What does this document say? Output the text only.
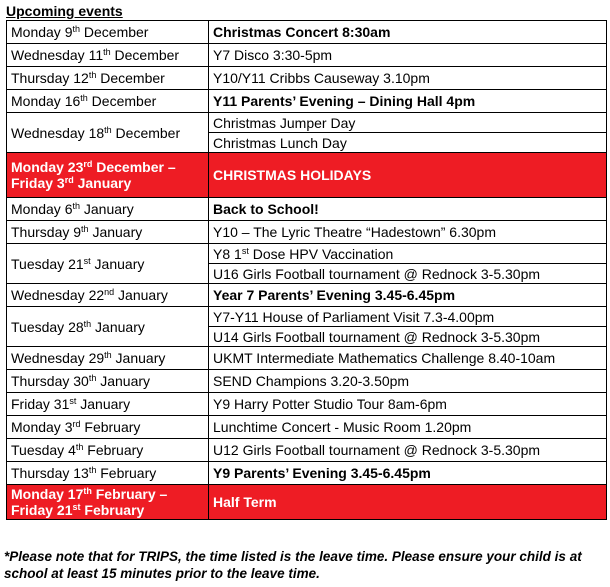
Upcoming events
Monday 9th December	Christmas Concert 8:30am
Wednesday 11th December	Y7 Disco 3:30-5pm
Thursday 12th December	Y10/Y11 Cribbs Causeway 3.10pm
Monday 16th December	Y11 Parents’ Evening – Dining Hall 4pm
Wednesday 18th December	Christmas Jumper Day
	Christmas Lunch Day
Monday 23rd December –
Friday 3rd January	CHRISTMAS HOLIDAYS
Monday 6th January	Back to School!
Thursday 9th January	Y10 – The Lyric Theatre “Hadestown” 6.30pm
Tuesday 21st January	Y8 1st Dose HPV Vaccination
	U16 Girls Football tournament @ Rednock 3-5.30pm
Wednesday 22nd January	Year 7 Parents’ Evening 3.45-6.45pm
Tuesday 28th January	Y7-Y11 House of Parliament Visit 7.3-4.00pm
	U14 Girls Football tournament @ Rednock 3-5.30pm
Wednesday 29th January	UKMT Intermediate Mathematics Challenge 8.40-10am
Thursday 30th January	SEND Champions 3.20-3.50pm
Friday 31st January	Y9 Harry Potter Studio Tour 8am-6pm
Monday 3rd February	Lunchtime Concert - Music Room 1.20pm
Tuesday 4th February	U12 Girls Football tournament @ Rednock 3-5.30pm
Thursday 13th February	Y9 Parents’ Evening 3.45-6.45pm
Monday 17th February –
Friday 21st February	Half Term
*Please note that for TRIPS, the time listed is the leave time. Please ensure your child is at school at least 15 minutes prior to the leave time.
